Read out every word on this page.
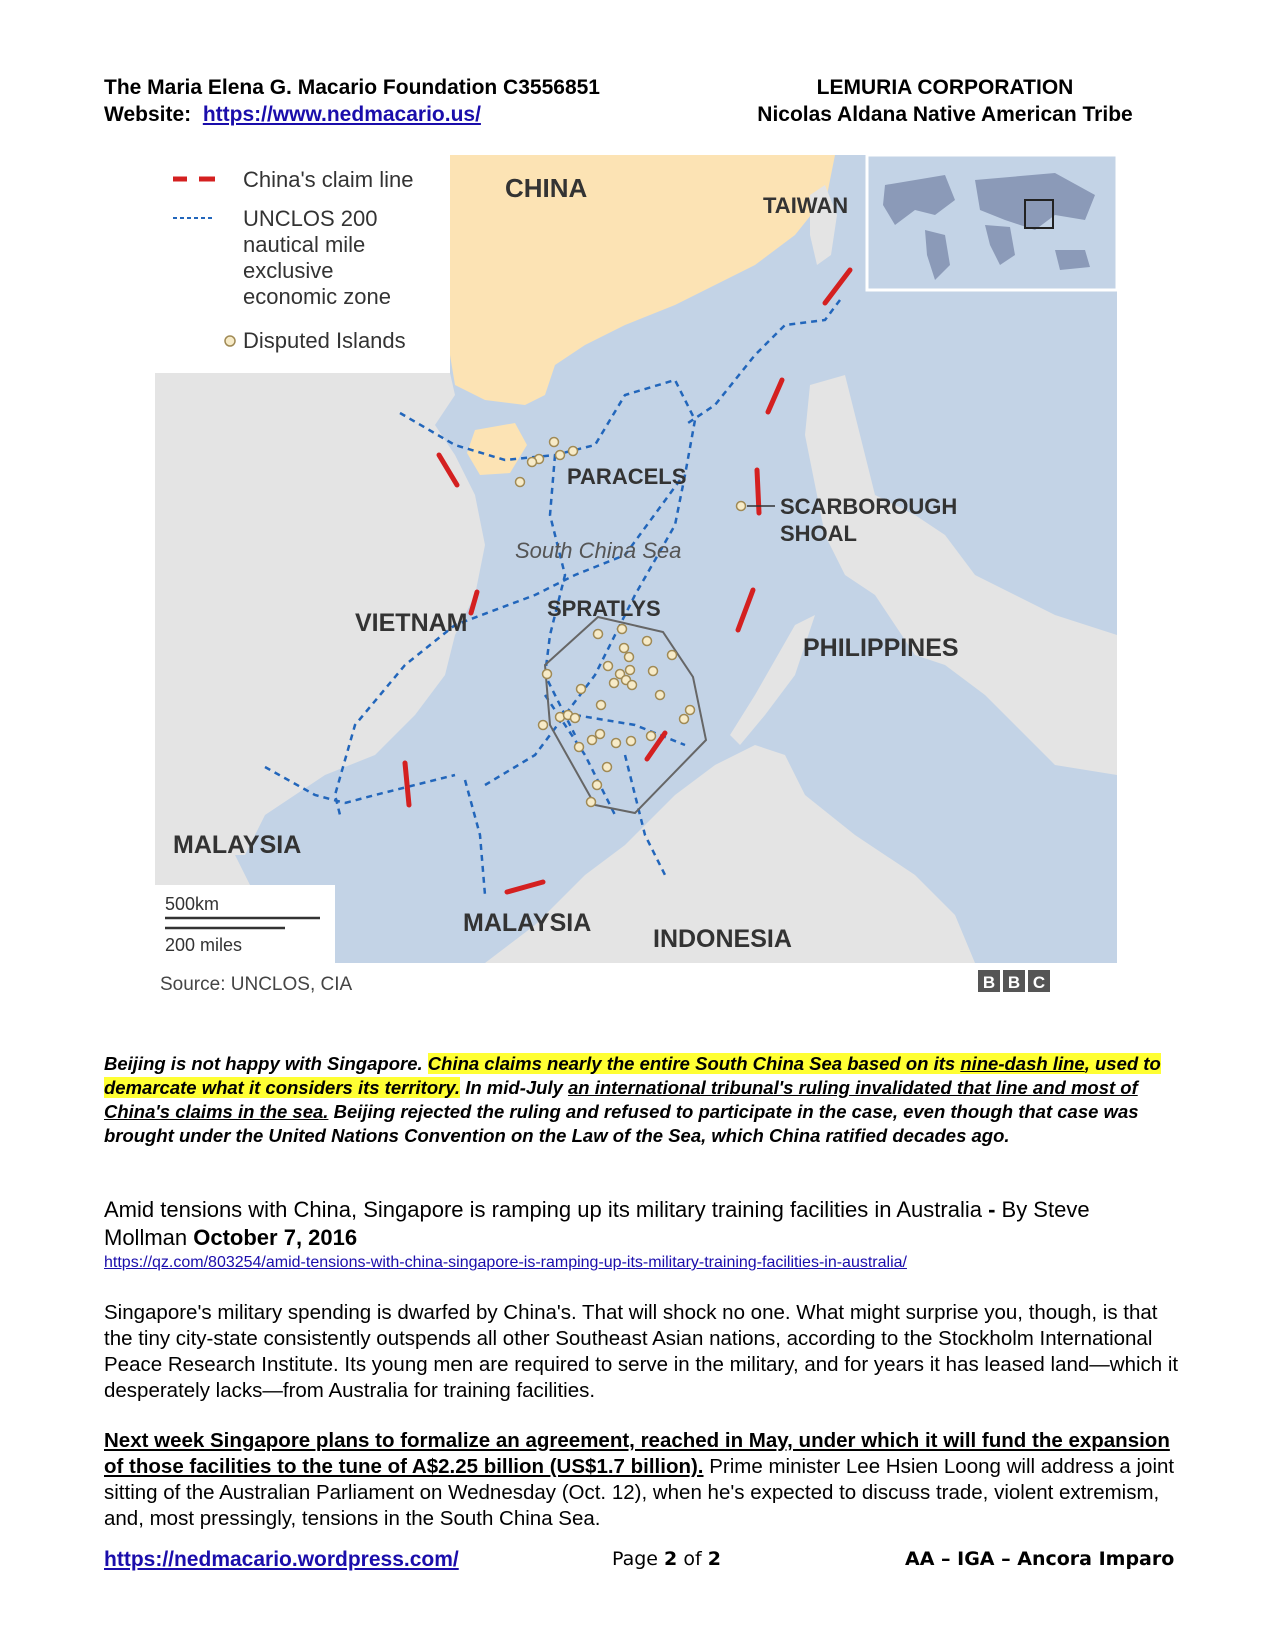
The Maria Elena G. Macario Foundation C3556851
Website: https://www.nedmacario.us/
LEMURIA CORPORATION
Nicolas Aldana Native American Tribe
China's claim line
UNCLOS 200
nautical mile
exclusive
economic zone
Disputed Islands
CHINA
TAIWAN
PARACELS
SCARBOROUGH
SHOAL
SPRATLYS
VIETNAM
PHILIPPINES
MALAYSIA
MALAYSIA
INDONESIA
South China Sea
500km
200 miles
Source: UNCLOS, CIA	B B C
Beijing is not happy with Singapore. China claims nearly the entire South China Sea based on its nine-dash line, used to demarcate what it considers its territory. In mid-July an international tribunal's ruling invalidated that line and most of China's claims in the sea. Beijing rejected the ruling and refused to participate in the case, even though that case was brought under the United Nations Convention on the Law of the Sea, which China ratified decades ago.
Amid tensions with China, Singapore is ramping up its military training facilities in Australia - By Steve Mollman October 7, 2016
https://qz.com/803254/amid-tensions-with-china-singapore-is-ramping-up-its-military-training-facilities-in-australia/
Singapore's military spending is dwarfed by China's. That will shock no one. What might surprise you, though, is that the tiny city-state consistently outspends all other Southeast Asian nations, according to the Stockholm International Peace Research Institute. Its young men are required to serve in the military, and for years it has leased land—which it desperately lacks—from Australia for training facilities.
Next week Singapore plans to formalize an agreement, reached in May, under which it will fund the expansion of those facilities to the tune of A$2.25 billion (US$1.7 billion). Prime minister Lee Hsien Loong will address a joint sitting of the Australian Parliament on Wednesday (Oct. 12), when he's expected to discuss trade, violent extremism, and, most pressingly, tensions in the South China Sea.
https://nedmacario.wordpress.com/	Page 2 of 2	AA – IGA – Ancora Imparo
